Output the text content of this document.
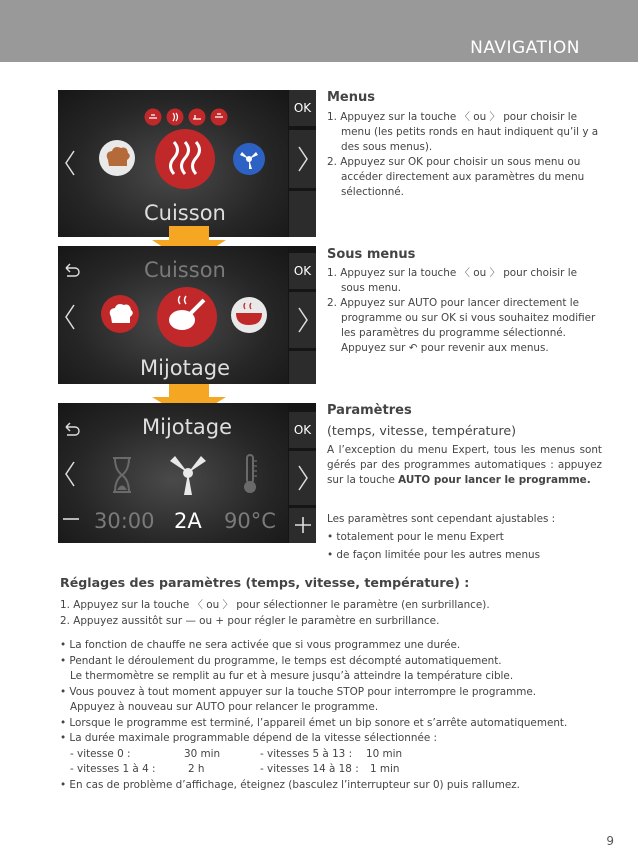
NAVIGATION
Cuisson
OK
Cuisson
Mijotage
OK
Mijotage
30:00 2A 90°C
OK
Menus
1. Appuyez sur la touche 〈 ou 〉 pour choisir le menu (les petits ronds en haut indiquent qu’il y a des sous menus).
2. Appuyez sur OK pour choisir un sous menu ou accéder directement aux paramètres du menu sélectionné.
Sous menus
1. Appuyez sur la touche 〈 ou 〉 pour choisir le sous menu.
2. Appuyez sur AUTO pour lancer directement le programme ou sur OK si vous souhaitez modifier les paramètres du programme sélectionné.
Appuyez sur ↶ pour revenir aux menus.
Paramètres
(temps, vitesse, température)
A l’exception du menu Expert, tous les menus sont gérés par des programmes automatiques : appuyez sur la touche AUTO pour lancer le programme.
Les paramètres sont cependant ajustables :
• totalement pour le menu Expert
• de façon limitée pour les autres menus
Réglages des paramètres (temps, vitesse, température) :
1. Appuyez sur la touche 〈 ou 〉 pour sélectionner le paramètre (en surbrillance).
2. Appuyez aussitôt sur — ou + pour régler le paramètre en surbrillance.
• La fonction de chauffe ne sera activée que si vous programmez une durée.
• Pendant le déroulement du programme, le temps est décompté automatiquement.
Le thermomètre se remplit au fur et à mesure jusqu’à atteindre la température cible.
• Vous pouvez à tout moment appuyer sur la touche STOP pour interrompre le programme.
Appuyez à nouveau sur AUTO pour relancer le programme.
• Lorsque le programme est terminé, l’appareil émet un bip sonore et s’arrête automatiquement.
• La durée maximale programmable dépend de la vitesse sélectionnée :
- vitesse 0 :	30 min	- vitesses 5 à 13 : 10 min
- vitesses 1 à 4 :	2 h	- vitesses 14 à 18 : 1 min
• En cas de problème d’affichage, éteignez (basculez l’interrupteur sur 0) puis rallumez.
9
